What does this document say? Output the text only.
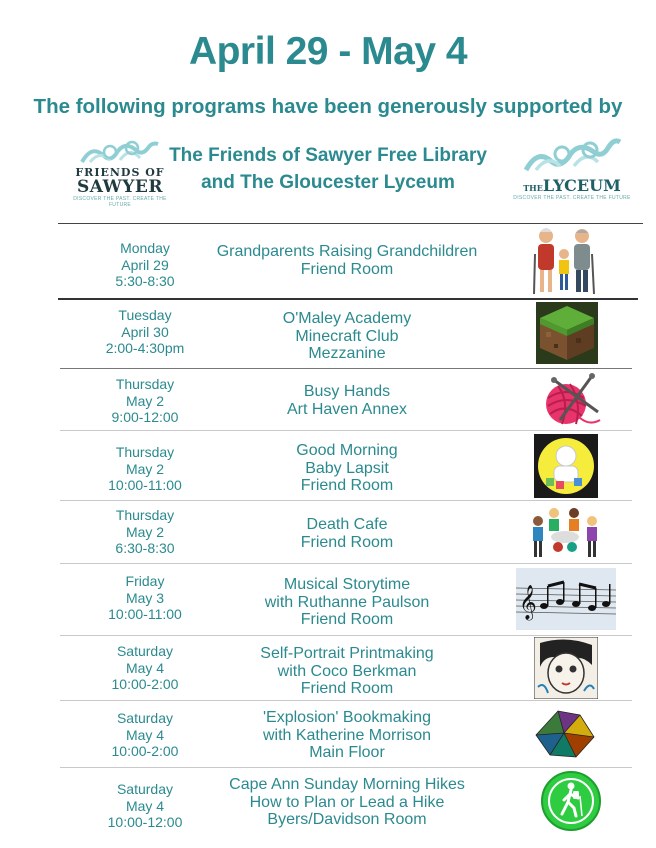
April 29 - May 4
The following programs have been generously supported by
The Friends of Sawyer Free Library
and The Gloucester Lyceum
FRIENDS OF
SAWYER
DISCOVER THE PAST. CREATE THE FUTURE
THELYCEUM
DISCOVER THE PAST. CREATE THE FUTURE
Monday
April 29
5:30-8:30
Grandparents Raising Grandchildren
Friend Room
Tuesday
April 30
2:00-4:30pm
O'Maley Academy
Minecraft Club
Mezzanine
Thursday
May 2
9:00-12:00
Busy Hands
Art Haven Annex
Thursday
May 2
10:00-11:00
Good Morning
Baby Lapsit
Friend Room
Thursday
May 2
6:30-8:30
Death Cafe
Friend Room
Friday
May 3
10:00-11:00
Musical Storytime
with Ruthanne Paulson
Friend Room	𝄞
Saturday
May 4
10:00-2:00
Self-Portrait Printmaking
with Coco Berkman
Friend Room
Saturday
May 4
10:00-2:00
'Explosion' Bookmaking
with Katherine Morrison
Main Floor
Saturday
May 4
10:00-12:00
Cape Ann Sunday Morning Hikes
How to Plan or Lead a Hike
Byers/Davidson Room
